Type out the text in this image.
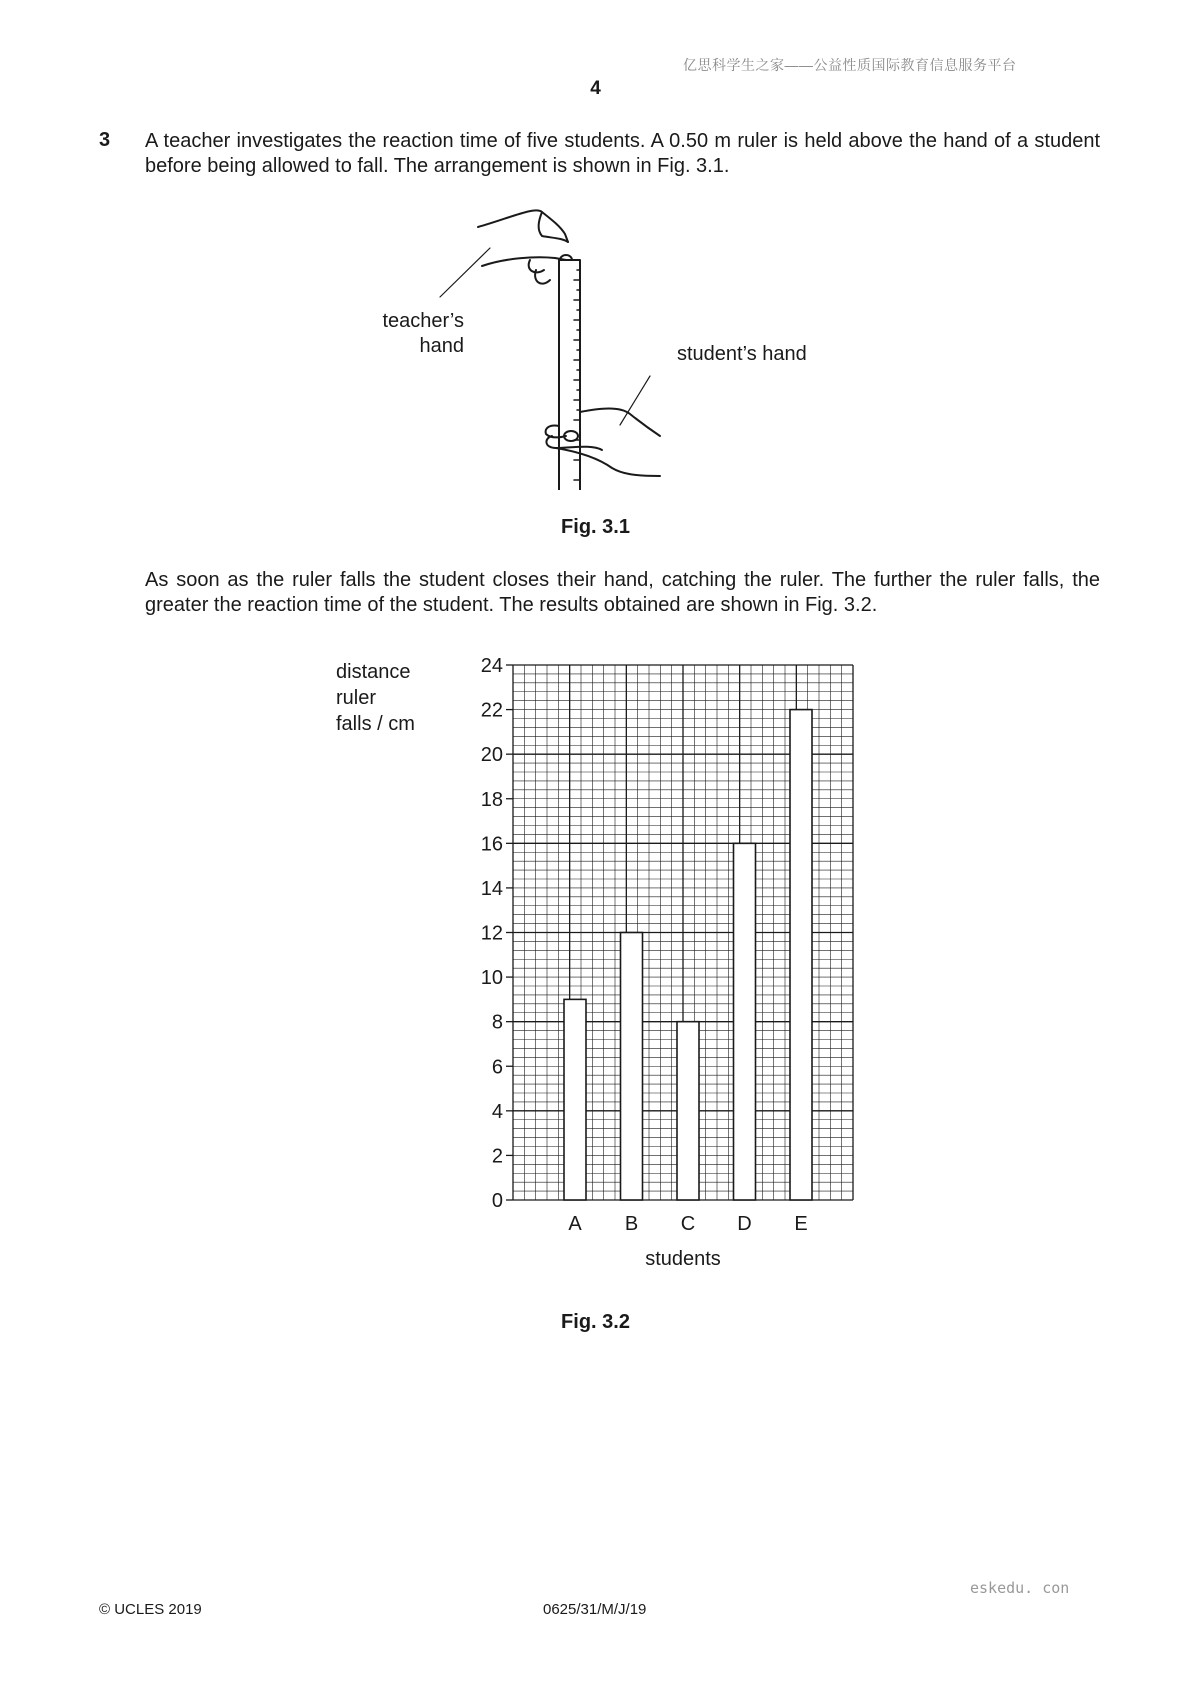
亿思科学生之家——公益性质国际教育信息服务平台
4
3 A teacher investigates the reaction time of five students. A 0.50 m ruler is held above the hand of a student before being allowed to fall. The arrangement is shown in Fig. 3.1.
teacher’s
hand	student’s hand
Fig. 3.1
As soon as the ruler falls the student closes their hand, catching the ruler. The further the ruler falls, the greater the reaction time of the student. The results obtained are shown in Fig. 3.2.
distance
ruler
falls / cm
0
2
4
6
8
10
12
14
16
18
20
22
24
A B C D E
students
Fig. 3.2
eskedu. con
© UCLES 2019	0625/31/M/J/19
